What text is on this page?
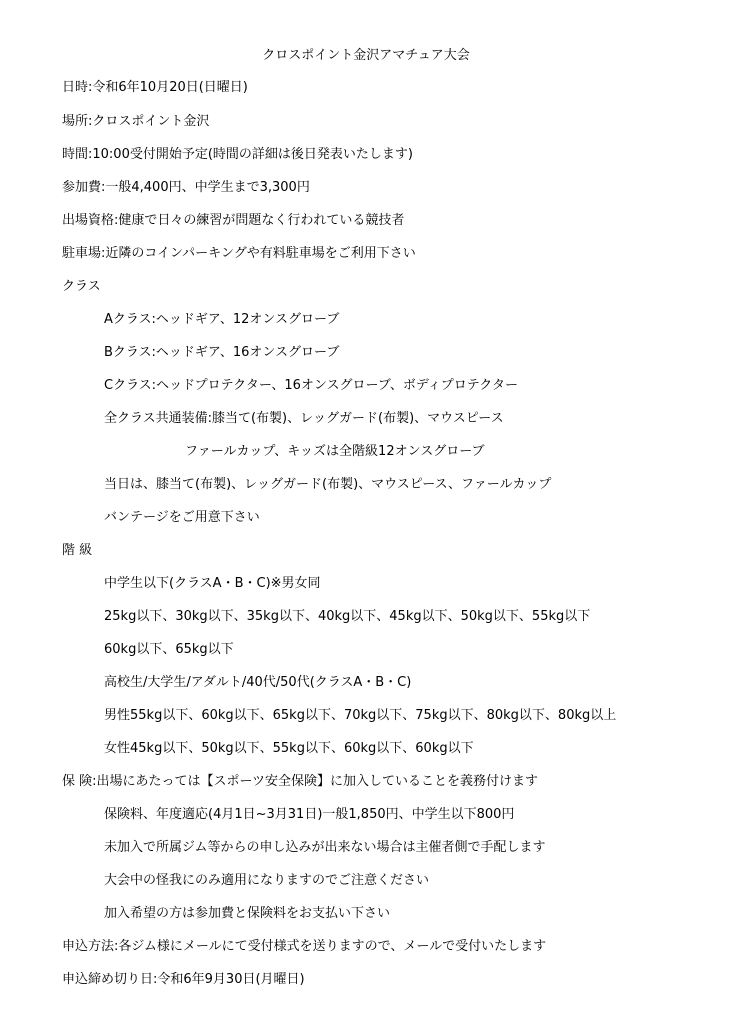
クロスポイント金沢アマチュア大会
日時:令和6年10月20日(日曜日)
場所:クロスポイント金沢
時間:10:00受付開始予定(時間の詳細は後日発表いたします)
参加費:一般4,400円、中学生まで3,300円
出場資格:健康で日々の練習が問題なく行われている競技者
駐車場:近隣のコインパーキングや有料駐車場をご利用下さい
クラス
Aクラス:ヘッドギア、12オンスグローブ
Bクラス:ヘッドギア、16オンスグローブ
Cクラス:ヘッドプロテクター、16オンスグローブ、ボディプロテクター
全クラス共通装備:膝当て(布製)、レッグガード(布製)、マウスピース
ファールカップ、キッズは全階級12オンスグローブ
当日は、膝当て(布製)、レッグガード(布製)、マウスピース、ファールカップ
バンテージをご用意下さい
階 級
中学生以下(クラスA・B・C)※男女同
25kg以下、30kg以下、35kg以下、40kg以下、45kg以下、50kg以下、55kg以下
60kg以下、65kg以下
高校生/大学生/アダルト/40代/50代(クラスA・B・C)
男性55kg以下、60kg以下、65kg以下、70kg以下、75kg以下、80kg以下、80kg以上
女性45kg以下、50kg以下、55kg以下、60kg以下、60kg以下
保 険:出場にあたっては【スポーツ安全保険】に加入していることを義務付けます
保険料、年度適応(4月1日~3月31日)一般1,850円、中学生以下800円
未加入で所属ジム等からの申し込みが出来ない場合は主催者側で手配します
大会中の怪我にのみ適用になりますのでご注意ください
加入希望の方は参加費と保険料をお支払い下さい
申込方法:各ジム様にメールにて受付様式を送りますので、メールで受付いたします
申込締め切り日:令和6年9月30日(月曜日)
